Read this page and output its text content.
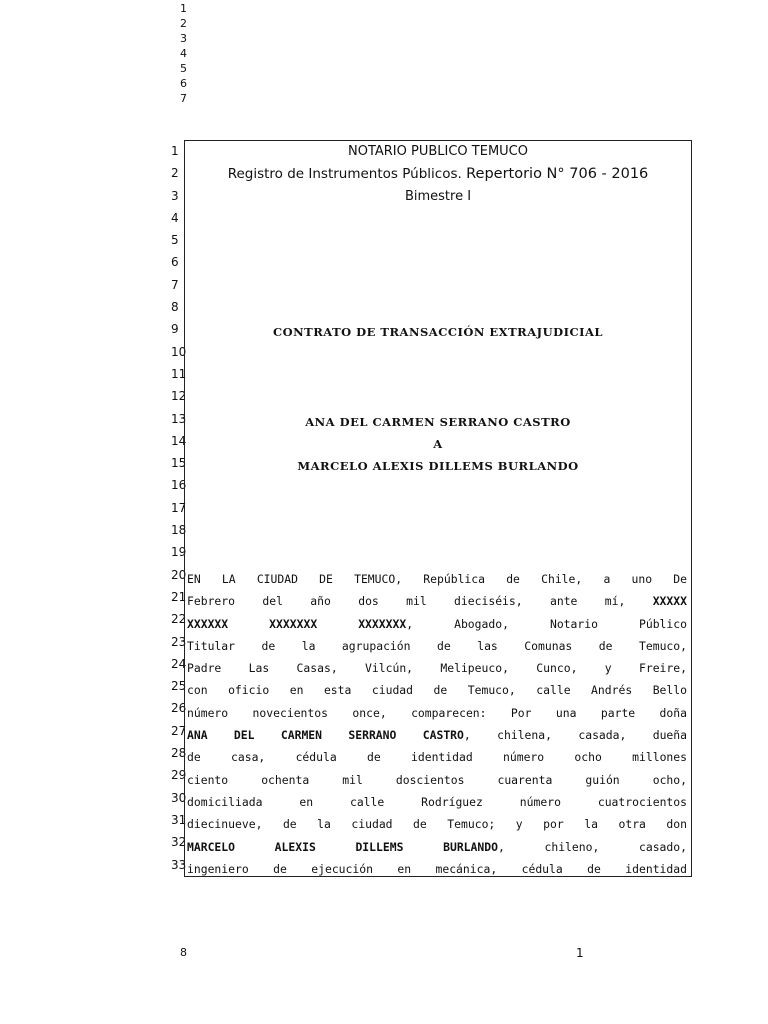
1
2
3
4
5
6
7
1
2
3
4
5
6
7
8
9
10
11
12
13
14
15
16
17
18
19
20
21
22
23
24
25
26
27
28
29
30
31
32
33
NOTARIO PUBLICO TEMUCO
Registro de Instrumentos Públicos. Repertorio N° 706 - 2016
Bimestre I
CONTRATO DE TRANSACCIÓN EXTRAJUDICIAL
ANA DEL CARMEN SERRANO CASTRO
A
MARCELO ALEXIS DILLEMS BURLANDO
EN LA CIUDAD DE TEMUCO, República de Chile, a uno De
Febrero del año dos mil dieciséis, ante mí, XXXXX
XXXXXX XXXXXXX XXXXXXX, Abogado, Notario Público
Titular de la agrupación de las Comunas de Temuco,
Padre Las Casas, Vilcún, Melipeuco, Cunco, y Freire,
con oficio en esta ciudad de Temuco, calle Andrés Bello
número novecientos once, comparecen: Por una parte doña
ANA DEL CARMEN SERRANO CASTRO, chilena, casada, dueña
de casa, cédula de identidad número ocho millones
ciento ochenta mil doscientos cuarenta guión ocho,
domiciliada en calle Rodríguez número cuatrocientos
diecinueve, de la ciudad de Temuco; y por la otra don
MARCELO ALEXIS DILLEMS BURLANDO, chileno, casado,
ingeniero de ejecución en mecánica, cédula de identidad
8	1
